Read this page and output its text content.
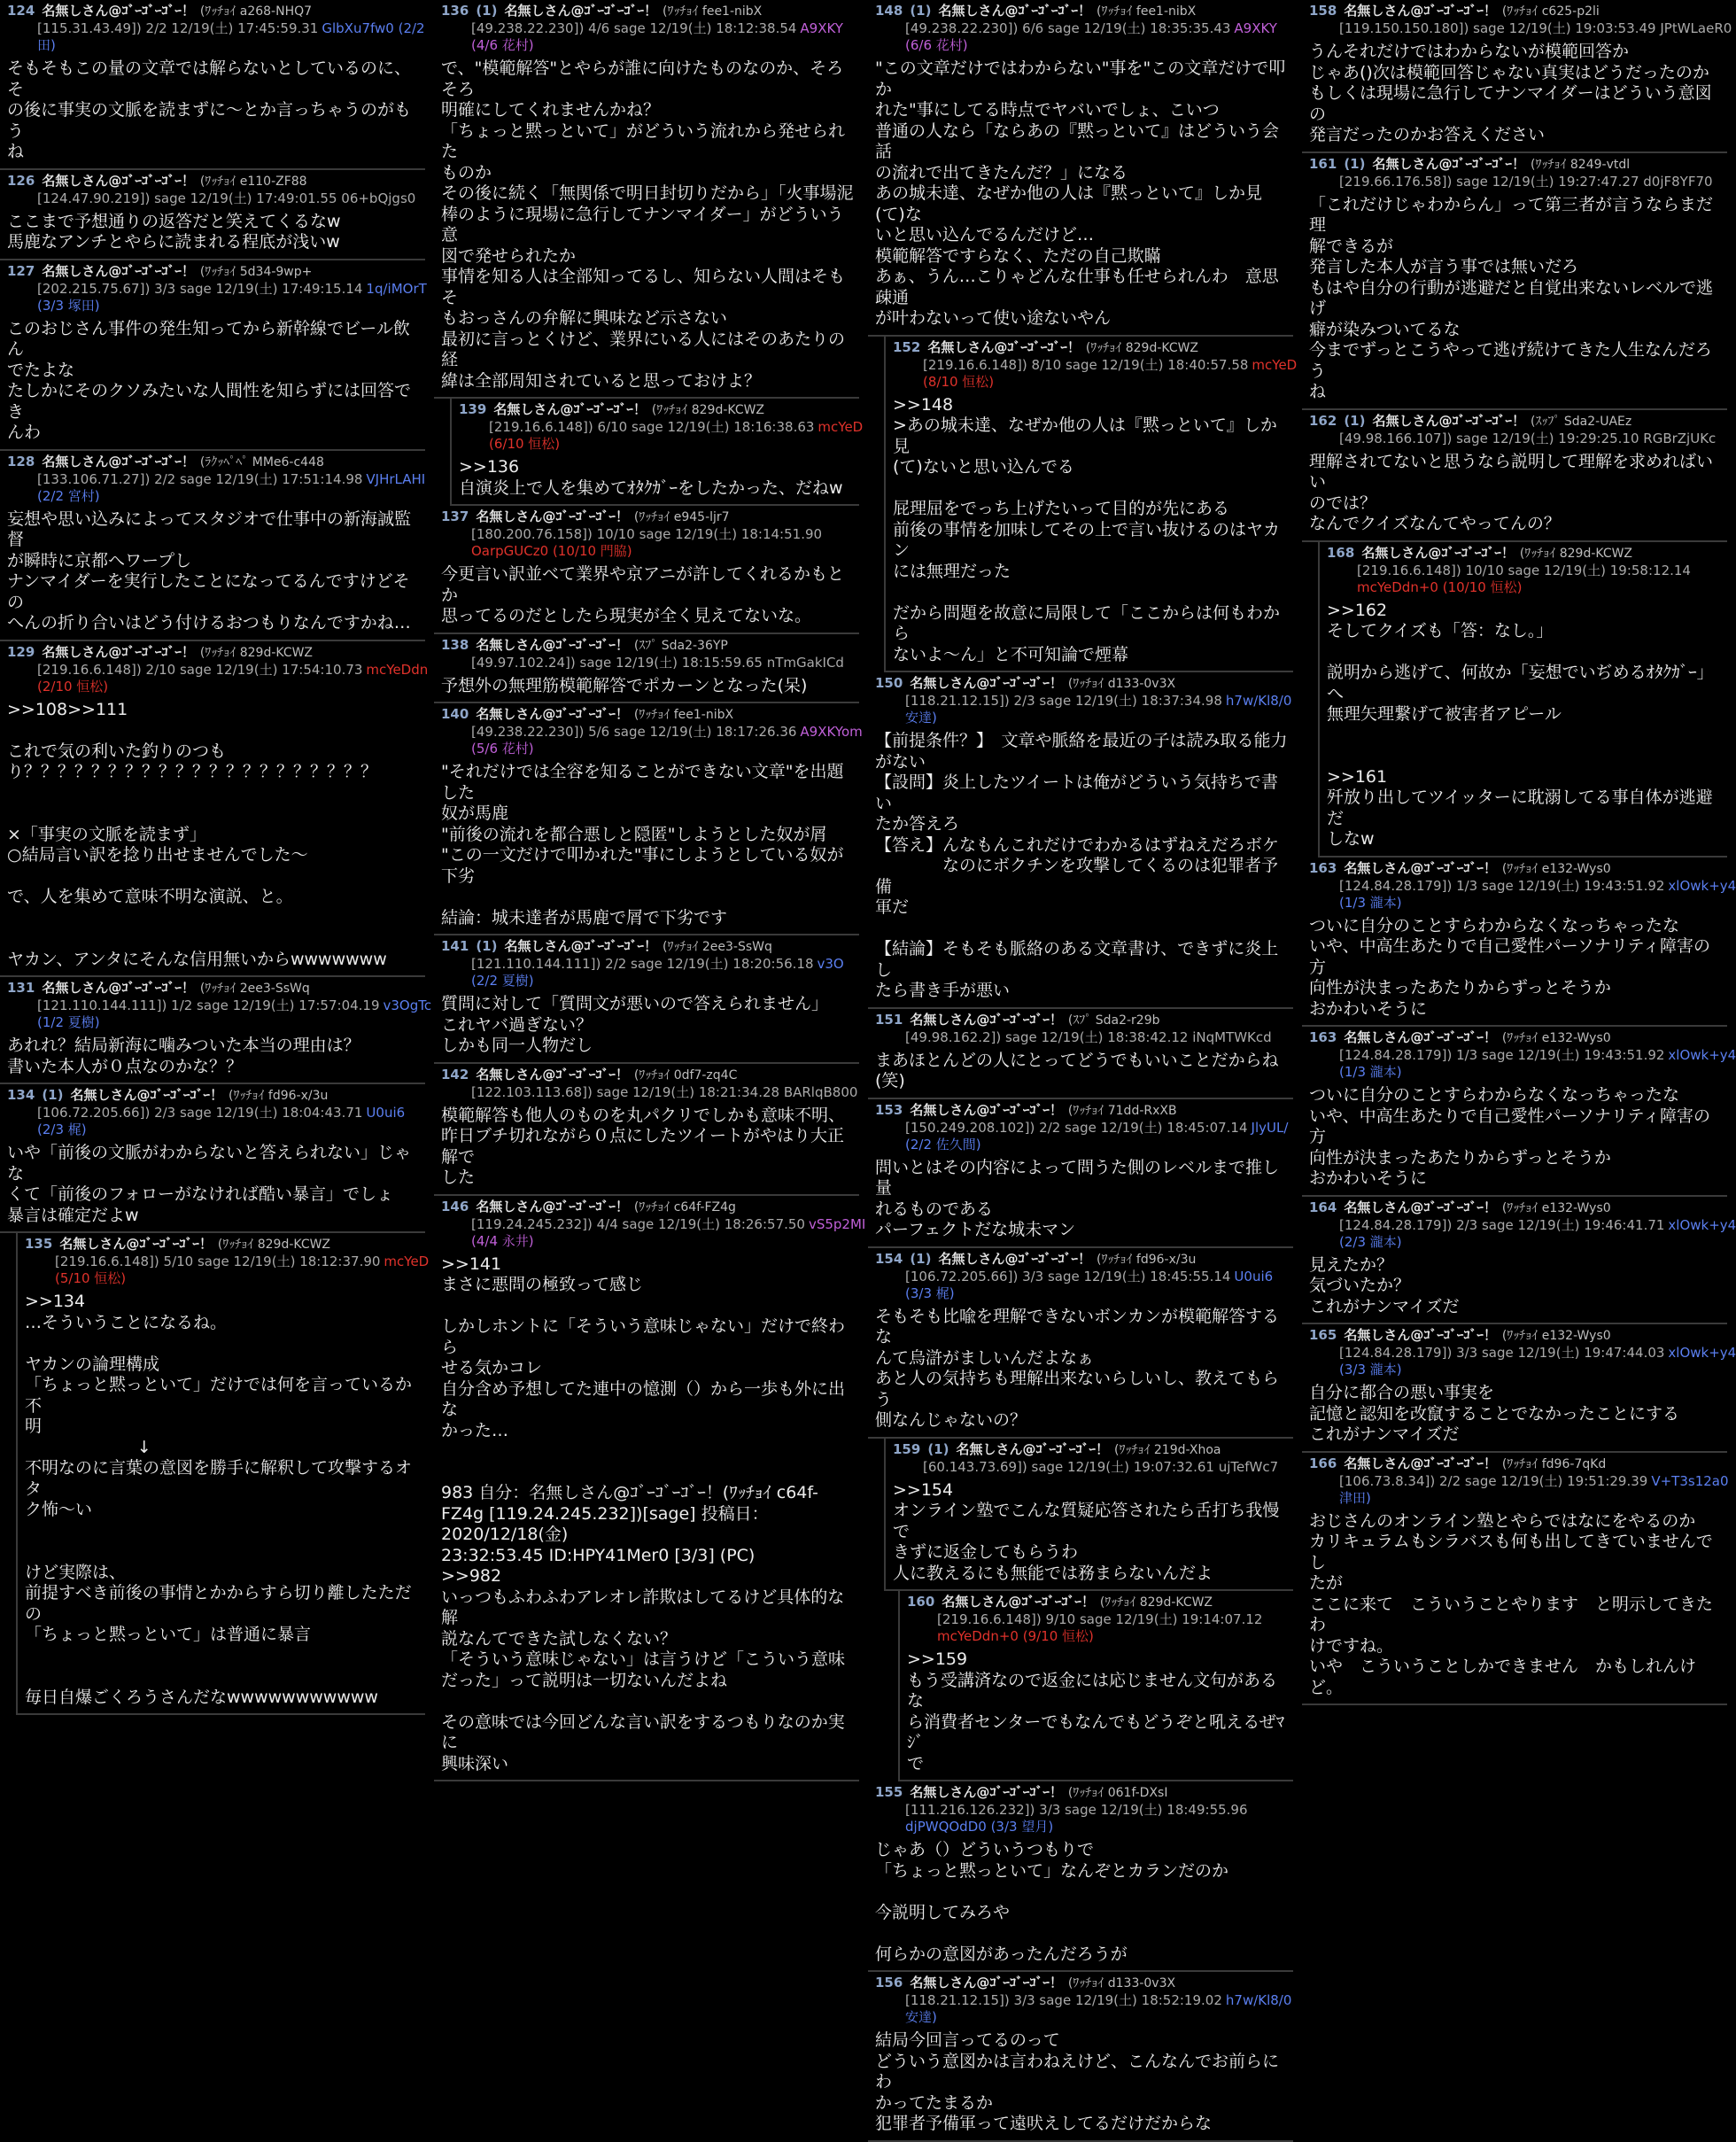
124 名無しさん@ｺﾞｰｺﾞｰｺﾞｰ！ (ﾜｯﾁｮｲ a268-NHQ7
[115.31.43.49]) 2/2 12/19(土) 17:45:59.31 GlbXu7fw0 (2/2
田)
そもそもこの量の文章では解らないとしているのに、そ
の後に事実の文脈を読まずに〜とか言っちゃうのがもう
ね
126 名無しさん@ｺﾞｰｺﾞｰｺﾞｰ！ (ﾜｯﾁｮｲ e110-ZF88
[124.47.90.219]) sage 12/19(土) 17:49:01.55 06+bQjgs0
ここまで予想通りの返答だと笑えてくるなw
馬鹿なアンチとやらに読まれる程底が浅いw
127 名無しさん@ｺﾞｰｺﾞｰｺﾞｰ！ (ﾜｯﾁｮｲ 5d34-9wp+
[202.215.75.67]) 3/3 sage 12/19(土) 17:49:15.14 1q/iMOrT
(3/3 塚田)
このおじさん事件の発生知ってから新幹線でビール飲ん
でたよな
たしかにそのクソみたいな人間性を知らずには回答でき
んわ
128 名無しさん@ｺﾞｰｺﾞｰｺﾞｰ！ (ﾗｸｯﾍﾟﾍﾟ MMe6-c448
[133.106.71.27]) 2/2 sage 12/19(土) 17:51:14.98 VJHrLAHI
(2/2 宮村)
妄想や思い込みによってスタジオで仕事中の新海誠監督
が瞬時に京都へワープし
ナンマイダーを実行したことになってるんですけどその
へんの折り合いはどう付けるおつもりなんですかね…
129 名無しさん@ｺﾞｰｺﾞｰｺﾞｰ！ (ﾜｯﾁｮｲ 829d-KCWZ
[219.16.6.148]) 2/10 sage 12/19(土) 17:54:10.73 mcYeDdn
(2/10 恒松)
>>108>>111

これで気の利いた釣りのつも
り？？？？？？？？？？？？？？？？？？？？？

×「事実の文脈を読まず」
○結局言い訳を捻り出せませんでした〜

で、人を集めて意味不明な演説、と。

ヤカン、アンタにそんな信用無いからwwwwwww
131 名無しさん@ｺﾞｰｺﾞｰｺﾞｰ！ (ﾜｯﾁｮｲ 2ee3-SsWq
[121.110.144.111]) 1/2 sage 12/19(土) 17:57:04.19 v3OgTc
(1/2 夏樹)
あれれ？結局新海に噛みついた本当の理由は？
書いた本人が０点なのかな？？
134 (1) 名無しさん@ｺﾞｰｺﾞｰｺﾞｰ！ (ﾜｯﾁｮｲ fd96-x/3u
[106.72.205.66]) 2/3 sage 12/19(土) 18:04:43.71 U0ui6
(2/3 梶)
いや「前後の文脈がわからないと答えられない」じゃな
くて「前後のフォローがなければ酷い暴言」でしょ
暴言は確定だよw
135 名無しさん@ｺﾞｰｺﾞｰｺﾞｰ！ (ﾜｯﾁｮｲ 829d-KCWZ
[219.16.6.148]) 5/10 sage 12/19(土) 18:12:37.90 mcYeD
(5/10 恒松)
>>134
…そういうことになるね。

ヤカンの論理構成
「ちょっと黙っといて」だけでは何を言っているか不
明
↓
不明なのに言葉の意図を勝手に解釈して攻撃するオタ
ク怖〜い

けど実際は、
前提すべき前後の事情とかからすら切り離したただの
「ちょっと黙っといて」は普通に暴言

毎日自爆ごくろうさんだなwwwwwwwwwww
136 (1) 名無しさん@ｺﾞｰｺﾞｰｺﾞｰ！ (ﾜｯﾁｮｲ fee1-nibX
[49.238.22.230]) 4/6 sage 12/19(土) 18:12:38.54 A9XKY
(4/6 花村)
で、"模範解答"とやらが誰に向けたものなのか、そろそろ
明確にしてくれませんかね？
「ちょっと黙っといて」がどういう流れから発せられた
ものか
その後に続く「無関係で明日封切りだから」「火事場泥
棒のように現場に急行してナンマイダー」がどういう意
図で発せられたか
事情を知る人は全部知ってるし、知らない人間はそもそ
もおっさんの弁解に興味など示さない
最初に言っとくけど、業界にいる人にはそのあたりの経
緯は全部周知されていると思っておけよ？
139 名無しさん@ｺﾞｰｺﾞｰｺﾞｰ！ (ﾜｯﾁｮｲ 829d-KCWZ
[219.16.6.148]) 6/10 sage 12/19(土) 18:16:38.63 mcYeD
(6/10 恒松)
>>136
自演炎上で人を集めてｵﾀｸｶﾞｰをしたかった、だねw
137 名無しさん@ｺﾞｰｺﾞｰｺﾞｰ！ (ﾜｯﾁｮｲ e945-ljr7
[180.200.76.158]) 10/10 sage 12/19(土) 18:14:51.90
OarpGUCz0 (10/10 門脇)
今更言い訳並べて業界や京アニが許してくれるかもとか
思ってるのだとしたら現実が全く見えてないな。
138 名無しさん@ｺﾞｰｺﾞｰｺﾞｰ！ (ｽﾌﾟ Sda2-36YP
[49.97.102.24]) sage 12/19(土) 18:15:59.65 nTmGakICd
予想外の無理筋模範解答でポカーンとなった(呆)
140 名無しさん@ｺﾞｰｺﾞｰｺﾞｰ！ (ﾜｯﾁｮｲ fee1-nibX
[49.238.22.230]) 5/6 sage 12/19(土) 18:17:26.36 A9XKYom
(5/6 花村)
"それだけでは全容を知ることができない文章"を出題した
奴が馬鹿
"前後の流れを都合悪しと隠匿"しようとした奴が屑
"この一文だけで叩かれた"事にしようとしている奴が下劣

結論：城未達者が馬鹿で屑で下劣です
141 (1) 名無しさん@ｺﾞｰｺﾞｰｺﾞｰ！ (ﾜｯﾁｮｲ 2ee3-SsWq
[121.110.144.111]) 2/2 sage 12/19(土) 18:20:56.18 v3O
(2/2 夏樹)
質問に対して「質問文が悪いので答えられません」
これヤバ過ぎない？
しかも同一人物だし
142 名無しさん@ｺﾞｰｺﾞｰｺﾞｰ！ (ﾜｯﾁｮｲ 0df7-zq4C
[122.103.113.68]) sage 12/19(土) 18:21:34.28 BARlqB800
模範解答も他人のものを丸パクリでしかも意味不明、
昨日ブチ切れながら０点にしたツイートがやはり大正解で
した
146 名無しさん@ｺﾞｰｺﾞｰｺﾞｰ！ (ﾜｯﾁｮｲ c64f-FZ4g
[119.24.245.232]) 4/4 sage 12/19(土) 18:26:57.50 vS5p2MI
(4/4 永井)
>>141
まさに悪問の極致って感じ

しかしホントに「そういう意味じゃない」だけで終わら
せる気かコレ
自分含め予想してた連中の憶測（）から一歩も外に出な
かった…

983 自分：名無しさん@ｺﾞｰｺﾞｰｺﾞｰ！(ﾜｯﾁｮｲ c64f-
FZ4g [119.24.245.232])[sage] 投稿日：2020/12/18(金)
23:32:53.45 ID:HPY41Mer0 [3/3] (PC)
>>982
いっつもふわふわアレオレ詐欺はしてるけど具体的な解
説なんてできた試しなくない？
「そういう意味じゃない」は言うけど「こういう意味
だった」って説明は一切ないんだよね

その意味では今回どんな言い訳をするつもりなのか実に
興味深い
148 (1) 名無しさん@ｺﾞｰｺﾞｰｺﾞｰ！ (ﾜｯﾁｮｲ fee1-nibX
[49.238.22.230]) 6/6 sage 12/19(土) 18:35:35.43 A9XKY
(6/6 花村)
"この文章だけではわからない"事を"この文章だけで叩か
れた"事にしてる時点でヤバいでしょ、こいつ
普通の人なら「ならあの『黙っといて』はどういう会話
の流れで出てきたんだ？」になる
あの城未達、なぜか他の人は『黙っといて』しか見(て)な
いと思い込んでるんだけど…
模範解答ですらなく、ただの自己欺瞞
あぁ、うん…こりゃどんな仕事も任せられんわ　意思疎通
が叶わないって使い途ないやん
152 名無しさん@ｺﾞｰｺﾞｰｺﾞｰ！ (ﾜｯﾁｮｲ 829d-KCWZ
[219.16.6.148]) 8/10 sage 12/19(土) 18:40:57.58 mcYeD
(8/10 恒松)
>>148
>あの城未達、なぜか他の人は『黙っといて』しか見
(て)ないと思い込んでる

屁理屈をでっち上げたいって目的が先にある
前後の事情を加味してその上で言い抜けるのはヤカン
には無理だった

だから問題を故意に局限して「ここからは何もわから
ないよ〜ん」と不可知論で煙幕
150 名無しさん@ｺﾞｰｺﾞｰｺﾞｰ！ (ﾜｯﾁｮｲ d133-0v3X
[118.21.12.15]) 2/3 sage 12/19(土) 18:37:34.98 h7w/Kl8/0
安達)
【前提条件？】　文章や脈絡を最近の子は読み取る能力
がない
【設問】炎上したツイートは俺がどういう気持ちで書い
たか答えろ
【答え】んなもんこれだけでわかるはずねえだろボケ
　　　　なのにボクチンを攻撃してくるのは犯罪者予備
軍だ

【結論】そもそも脈絡のある文章書け、できずに炎上し
たら書き手が悪い
151 名無しさん@ｺﾞｰｺﾞｰｺﾞｰ！ (ｽﾌﾟ Sda2-r29b
[49.98.162.2]) sage 12/19(土) 18:38:42.12 iNqMTWKcd
まあほとんどの人にとってどうでもいいことだからね(笑)
153 名無しさん@ｺﾞｰｺﾞｰｺﾞｰ！ (ﾜｯﾁｮｲ 71dd-RxXB
[150.249.208.102]) 2/2 sage 12/19(土) 18:45:07.14 JlyUL/
(2/2 佐久間)
問いとはその内容によって問うた側のレベルまで推し量
れるものである
パーフェクトだな城未マン
154 (1) 名無しさん@ｺﾞｰｺﾞｰｺﾞｰ！ (ﾜｯﾁｮｲ fd96-x/3u
[106.72.205.66]) 3/3 sage 12/19(土) 18:45:55.14 U0ui6
(3/3 梶)
そもそも比喩を理解できないボンカンが模範解答するな
んて烏滸がましいんだよなぁ
あと人の気持ちも理解出来ないらしいし、教えてもらう
側なんじゃないの？
159 (1) 名無しさん@ｺﾞｰｺﾞｰｺﾞｰ！ (ﾜｯﾁｮｲ 219d-Xhoa
[60.143.73.69]) sage 12/19(土) 19:07:32.61 ujTefWc7
>>154
オンライン塾でこんな質疑応答されたら舌打ち我慢で
きずに返金してもらうわ
人に教えるにも無能では務まらないんだよ
160 名無しさん@ｺﾞｰｺﾞｰｺﾞｰ！ (ﾜｯﾁｮｲ 829d-KCWZ
[219.16.6.148]) 9/10 sage 12/19(土) 19:14:07.12
mcYeDdn+0 (9/10 恒松)
>>159
もう受講済なので返金には応じません文句があるな
ら消費者センターでもなんでもどうぞと吼えるぜﾏｼﾞ
で
155 名無しさん@ｺﾞｰｺﾞｰｺﾞｰ！ (ﾜｯﾁｮｲ 061f-DXsI
[111.216.126.232]) 3/3 sage 12/19(土) 18:49:55.96
djPWQOdD0 (3/3 望月)
じゃあ（）どういうつもりで
「ちょっと黙っといて」なんぞとカランだのか

今説明してみろや

何らかの意図があったんだろうが
156 名無しさん@ｺﾞｰｺﾞｰｺﾞｰ！ (ﾜｯﾁｮｲ d133-0v3X
[118.21.12.15]) 3/3 sage 12/19(土) 18:52:19.02 h7w/Kl8/0
安達)
結局今回言ってるのって
どういう意図かは言わねえけど、こんなんでお前らにわ
かってたまるか
犯罪者予備軍って遠吠えしてるだけだからな
158 名無しさん@ｺﾞｰｺﾞｰｺﾞｰ！ (ﾜｯﾁｮｲ c625-p2li
[119.150.150.180]) sage 12/19(土) 19:03:53.49 JPtWLaeR0
うんそれだけではわからないが模範回答か
じゃあ()次は模範回答じゃない真実はどうだったのか
もしくは現場に急行してナンマイダーはどういう意図の
発言だったのかお答えください
161 (1) 名無しさん@ｺﾞｰｺﾞｰｺﾞｰ！ (ﾜｯﾁｮｲ 8249-vtdl
[219.66.176.58]) sage 12/19(土) 19:27:47.27 d0jF8YF70
「これだけじゃわからん」って第三者が言うならまだ理
解できるが
発言した本人が言う事では無いだろ
もはや自分の行動が逃避だと自覚出来ないレベルで逃げ
癖が染みついてるな
今までずっとこうやって逃げ続けてきた人生なんだろう
ね
162 (1) 名無しさん@ｺﾞｰｺﾞｰｺﾞｰ！ (ｽｯﾌﾟ Sda2-UAEz
[49.98.166.107]) sage 12/19(土) 19:29:25.10 RGBrZjUKc
理解されてないと思うなら説明して理解を求めればいい
のでは？
なんでクイズなんてやってんの？
168 名無しさん@ｺﾞｰｺﾞｰｺﾞｰ！ (ﾜｯﾁｮｲ 829d-KCWZ
[219.16.6.148]) 10/10 sage 12/19(土) 19:58:12.14
mcYeDdn+0 (10/10 恒松)
>>162
そしてクイズも「答：なし。」

説明から逃げて、何故か「妄想でいぢめるｵﾀｸｶﾞｰ」へ
無理矢理繋げて被害者アピール

>>161
歼放り出してツイッターに耽溺してる事自体が逃避だ
しなw
163 名無しさん@ｺﾞｰｺﾞｰｺﾞｰ！ (ﾜｯﾁｮｲ e132-Wys0
[124.84.28.179]) 1/3 sage 12/19(土) 19:43:51.92 xlOwk+y4
(1/3 瀧本)
ついに自分のことすらわからなくなっちゃったな
いや、中高生あたりで自己愛性パーソナリティ障害の方
向性が決まったあたりからずっとそうか
おかわいそうに
163 名無しさん@ｺﾞｰｺﾞｰｺﾞｰ！ (ﾜｯﾁｮｲ e132-Wys0
[124.84.28.179]) 1/3 sage 12/19(土) 19:43:51.92 xlOwk+y4
(1/3 瀧本)
ついに自分のことすらわからなくなっちゃったな
いや、中高生あたりで自己愛性パーソナリティ障害の方
向性が決まったあたりからずっとそうか
おかわいそうに
164 名無しさん@ｺﾞｰｺﾞｰｺﾞｰ！ (ﾜｯﾁｮｲ e132-Wys0
[124.84.28.179]) 2/3 sage 12/19(土) 19:46:41.71 xlOwk+y4
(2/3 瀧本)
見えたか？
気づいたか？
これがナンマイズだ
165 名無しさん@ｺﾞｰｺﾞｰｺﾞｰ！ (ﾜｯﾁｮｲ e132-Wys0
[124.84.28.179]) 3/3 sage 12/19(土) 19:47:44.03 xlOwk+y4
(3/3 瀧本)
自分に都合の悪い事実を
記憶と認知を改竄することでなかったことにする
これがナンマイズだ
166 名無しさん@ｺﾞｰｺﾞｰｺﾞｰ！ (ﾜｯﾁｮｲ fd96-7qKd
[106.73.8.34]) 2/2 sage 12/19(土) 19:51:29.39 V+T3s12a0
津田)
おじさんのオンライン塾とやらではなにをやるのか
カリキュラムもシラバスも何も出してきていませんでし
たが
ここに来て　こういうことやります　と明示してきたわ
けですね。
いや　こういうことしかできません　かもしれんけど。
